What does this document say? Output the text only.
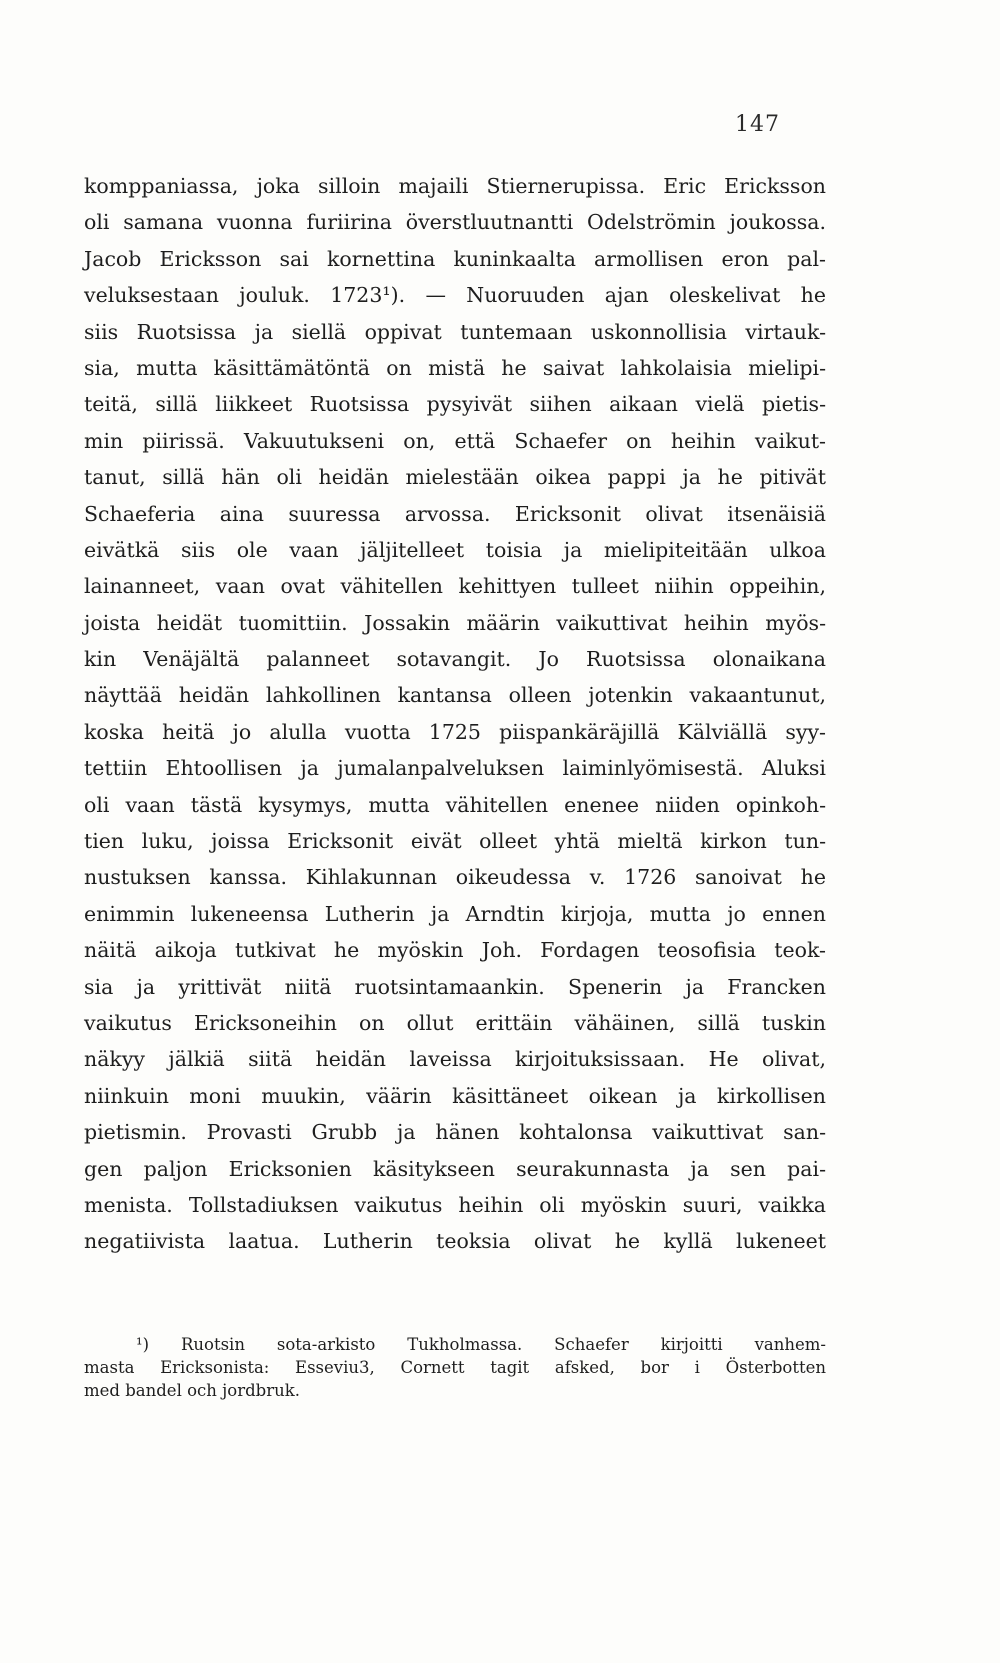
147
komppaniassa, joka silloin majaili Stiernerupissa. Eric Ericksson
oli samana vuonna furiirina överstluutnantti Odelströmin joukossa.
Jacob Ericksson sai kornettina kuninkaalta armollisen eron pal-
veluksestaan jouluk. 1723¹). — Nuoruuden ajan oleskelivat he
siis Ruotsissa ja siellä oppivat tuntemaan uskonnollisia virtauk-
sia, mutta käsittämätöntä on mistä he saivat lahkolaisia mielipi-
teitä, sillä liikkeet Ruotsissa pysyivät siihen aikaan vielä pietis-
min piirissä. Vakuutukseni on, että Schaefer on heihin vaikut-
tanut, sillä hän oli heidän mielestään oikea pappi ja he pitivät
Schaeferia aina suuressa arvossa. Ericksonit olivat itsenäisiä
eivätkä siis ole vaan jäljitelleet toisia ja mielipiteitään ulkoa
lainanneet, vaan ovat vähitellen kehittyen tulleet niihin oppeihin,
joista heidät tuomittiin. Jossakin määrin vaikuttivat heihin myös-
kin Venäjältä palanneet sotavangit. Jo Ruotsissa olonaikana
näyttää heidän lahkollinen kantansa olleen jotenkin vakaantunut,
koska heitä jo alulla vuotta 1725 piispankäräjillä Kälviällä syy-
tettiin Ehtoollisen ja jumalanpalveluksen laiminlyömisestä. Aluksi
oli vaan tästä kysymys, mutta vähitellen enenee niiden opinkoh-
tien luku, joissa Ericksonit eivät olleet yhtä mieltä kirkon tun-
nustuksen kanssa. Kihlakunnan oikeudessa v. 1726 sanoivat he
enimmin lukeneensa Lutherin ja Arndtin kirjoja, mutta jo ennen
näitä aikoja tutkivat he myöskin Joh. Fordagen teosofisia teok-
sia ja yrittivät niitä ruotsintamaankin. Spenerin ja Francken
vaikutus Ericksoneihin on ollut erittäin vähäinen, sillä tuskin
näkyy jälkiä siitä heidän laveissa kirjoituksissaan. He olivat,
niinkuin moni muukin, väärin käsittäneet oikean ja kirkollisen
pietismin. Provasti Grubb ja hänen kohtalonsa vaikuttivat san-
gen paljon Ericksonien käsitykseen seurakunnasta ja sen pai-
menista. Tollstadiuksen vaikutus heihin oli myöskin suuri, vaikka
negatiivista laatua. Lutherin teoksia olivat he kyllä lukeneet
¹) Ruotsin sota-arkisto Tukholmassa. Schaefer kirjoitti vanhem-
masta Ericksonista: Esseviu3, Cornett tagit afsked, bor i Österbotten
med bandel och jordbruk.
